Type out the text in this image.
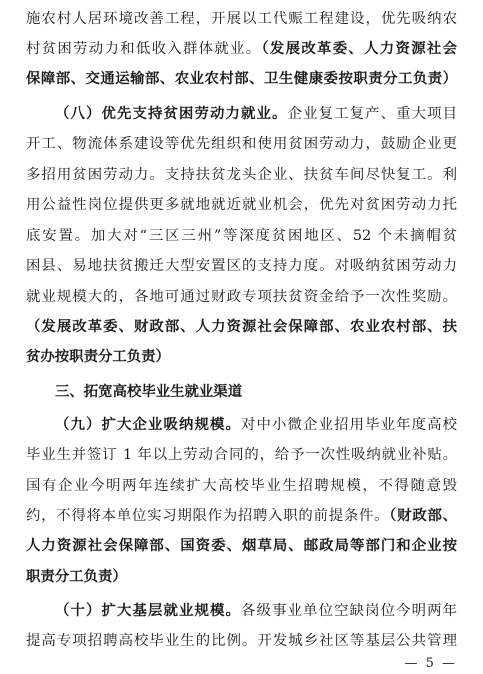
施农村人居环境改善工程，开展以工代赈工程建设，优先吸纳农
村贫困劳动力和低收入群体就业。（发展改革委、人力资源社会
保障部、交通运输部、农业农村部、卫生健康委按职责分工负责）
（八）优先支持贫困劳动力就业。企业复工复产、重大项目
开工、物流体系建设等优先组织和使用贫困劳动力，鼓励企业更
多招用贫困劳动力。支持扶贫龙头企业、扶贫车间尽快复工。利
用公益性岗位提供更多就地就近就业机会，优先对贫困劳动力托
底安置。加大对“三区三州”等深度贫困地区、52 个未摘帽贫
困县、易地扶贫搬迁大型安置区的支持力度。对吸纳贫困劳动力
就业规模大的，各地可通过财政专项扶贫资金给予一次性奖励。
（发展改革委、财政部、人力资源社会保障部、农业农村部、扶
贫办按职责分工负责）
三、拓宽高校毕业生就业渠道
（九）扩大企业吸纳规模。对中小微企业招用毕业年度高校
毕业生并签订 1 年以上劳动合同的，给予一次性吸纳就业补贴。
国有企业今明两年连续扩大高校毕业生招聘规模，不得随意毁
约，不得将本单位实习期限作为招聘入职的前提条件。（财政部、
人力资源社会保障部、国资委、烟草局、邮政局等部门和企业按
职责分工负责）
（十）扩大基层就业规模。各级事业单位空缺岗位今明两年
提高专项招聘高校毕业生的比例。开发城乡社区等基层公共管理
— 5 —
